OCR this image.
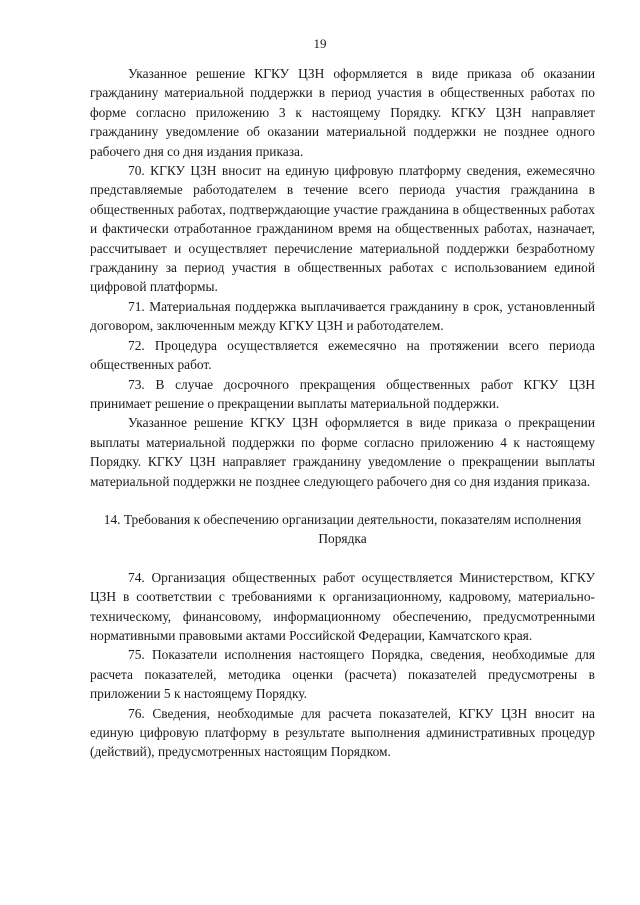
19

Указанное решение КГКУ ЦЗН оформляется в виде приказа об оказании гражданину материальной поддержки в период участия в общественных работах по форме согласно приложению 3 к настоящему Порядку. КГКУ ЦЗН направляет гражданину уведомление об оказании материальной поддержки не позднее одного рабочего дня со дня издания приказа.

70. КГКУ ЦЗН вносит на единую цифровую платформу сведения, ежемесячно представляемые работодателем в течение всего периода участия гражданина в общественных работах, подтверждающие участие гражданина в общественных работах и фактически отработанное гражданином время на общественных работах, назначает, рассчитывает и осуществляет перечисление материальной поддержки безработному гражданину за период участия в общественных работах с использованием единой цифровой платформы.

71. Материальная поддержка выплачивается гражданину в срок, установленный договором, заключенным между КГКУ ЦЗН и работодателем.

72. Процедура осуществляется ежемесячно на протяжении всего периода общественных работ.

73. В случае досрочного прекращения общественных работ КГКУ ЦЗН принимает решение о прекращении выплаты материальной поддержки.

Указанное решение КГКУ ЦЗН оформляется в виде приказа о прекращении выплаты материальной поддержки по форме согласно приложению 4 к настоящему Порядку. КГКУ ЦЗН направляет гражданину уведомление о прекращении выплаты материальной поддержки не позднее следующего рабочего дня со дня издания приказа.

14. Требования к обеспечению организации деятельности, показателям исполнения Порядка

74. Организация общественных работ осуществляется Министерством, КГКУ ЦЗН в соответствии с требованиями к организационному, кадровому, материально-техническому, финансовому, информационному обеспечению, предусмотренными нормативными правовыми актами Российской Федерации, Камчатского края.

75. Показатели исполнения настоящего Порядка, сведения, необходимые для расчета показателей, методика оценки (расчета) показателей предусмотрены в приложении 5 к настоящему Порядку.

76. Сведения, необходимые для расчета показателей, КГКУ ЦЗН вносит на единую цифровую платформу в результате выполнения административных процедур (действий), предусмотренных настоящим Порядком.
